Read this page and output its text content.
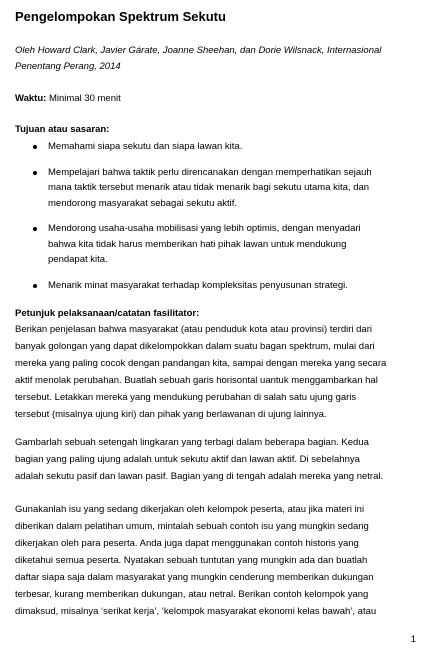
Pengelompokan Spektrum Sekutu
Oleh Howard Clark, Javier Gárate, Joanne Sheehan, dan Dorie Wilsnack, Internasional
Penentang Perang, 2014
Waktu: Minimal 30 menit
Tujuan atau sasaran:
Memahami siapa sekutu dan siapa lawan kita.
Mempelajari bahwa taktik perlu direncanakan dengan memperhatikan sejauh
mana taktik tersebut menarik atau tidak menarik bagi sekutu utama kita, dan
mendorong masyarakat sebagai sekutu aktif.
Mendorong usaha-usaha mobilisasi yang lebih optimis, dengan menyadari
bahwa kita tidak harus memberikan hati pihak lawan untuk mendukung
pendapat kita.
Menarik minat masyarakat terhadap kompleksitas penyusunan strategi.
Petunjuk pelaksanaan/catatan fasilitator:
Berikan penjelasan bahwa masyarakat (atau penduduk kota atau provinsi) terdiri dari
banyak golongan yang dapat dikelompokkan dalam suatu bagan spektrum, mulai dari
mereka yang paling cocok dengan pandangan kita, sampai dengan mereka yang secara
aktif menolak perubahan. Buatlah sebuah garis horisontal uantuk menggambarkan hal
tersebut. Letakkan mereka yang mendukung perubahan di salah satu ujung garis
tersebut (misalnya ujung kiri) dan pihak yang berlawanan di ujung lainnya.
Gambarlah sebuah setengah lingkaran yang terbagi dalam beberapa bagian. Kedua
bagian yang paling ujung adalah untuk sekutu aktif dan lawan aktif. Di sebelahnya
adalah sekutu pasif dan lawan pasif. Bagian yang di tengah adalah mereka yang netral.
Gunakanlah isu yang sedang dikerjakan oleh kelompok peserta, atau jika materi ini
diberikan dalam pelatihan umum, mintalah sebuah contoh isu yang mungkin sedang
dikerjakan oleh para peserta. Anda juga dapat menggunakan contoh historis yang
diketahui semua peserta. Nyatakan sebuah tuntutan yang mungkin ada dan buatlah
daftar siapa saja dalam masyarakat yang mungkin cenderung memberikan dukungan
terbesar, kurang memberikan dukungan, atau netral. Berikan contoh kelompok yang
dimaksud, misalnya ‘serikat kerja’, ‘kelompok masyarakat ekonomi kelas bawah’, atau
1
